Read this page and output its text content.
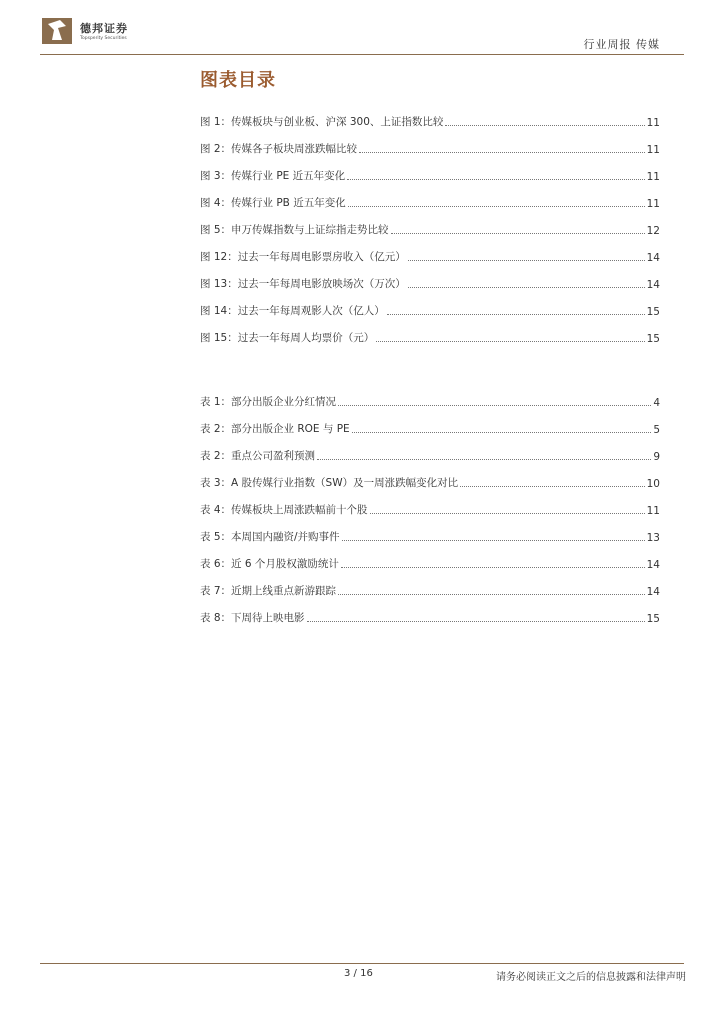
德邦证券
Topsperity Securities	行业周报 传媒
图表目录
图 1：传媒板块与创业板、沪深 300、上证指数比较	11
图 2：传媒各子板块周涨跌幅比较	11
图 3：传媒行业 PE 近五年变化	11
图 4：传媒行业 PB 近五年变化	11
图 5：申万传媒指数与上证综指走势比较	12
图 12：过去一年每周电影票房收入（亿元）	14
图 13：过去一年每周电影放映场次（万次）	14
图 14：过去一年每周观影人次（亿人）	15
图 15：过去一年每周人均票价（元）	15
表 1：部分出版企业分红情况	4
表 2：部分出版企业 ROE 与 PE	5
表 2：重点公司盈利预测	9
表 3：A 股传媒行业指数（SW）及一周涨跌幅变化对比	10
表 4：传媒板块上周涨跌幅前十个股	11
表 5：本周国内融资/并购事件	13
表 6：近 6 个月股权激励统计	14
表 7：近期上线重点新游跟踪	14
表 8：下周待上映电影	15
3 / 16	请务必阅读正文之后的信息披露和法律声明
